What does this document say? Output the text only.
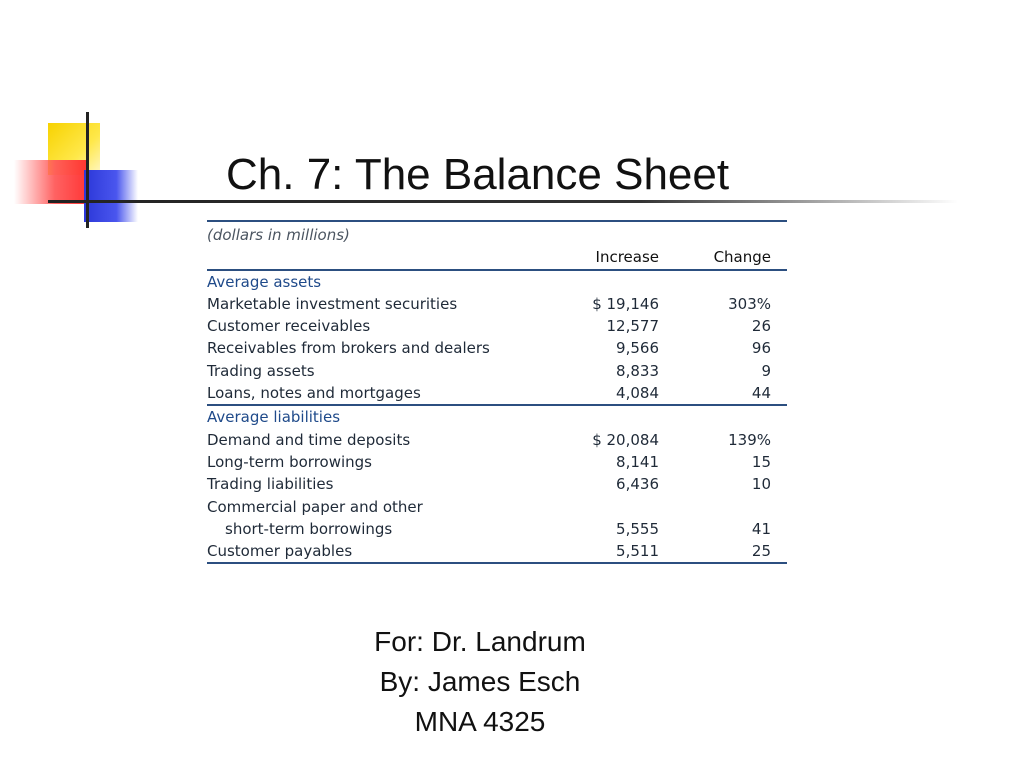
Ch. 7: The Balance Sheet
(dollars in millions)
Increase	Change
Average assets
Marketable investment securities	$ 19,146	303%
Customer receivables	12,577	26
Receivables from brokers and dealers	9,566	96
Trading assets	8,833	9
Loans, notes and mortgages	4,084	44
Average liabilities
Demand and time deposits	$ 20,084	139%
Long-term borrowings	8,141	15
Trading liabilities	6,436	10
Commercial paper and other
short-term borrowings	5,555	41
Customer payables	5,511	25
For: Dr. Landrum
By: James Esch
MNA 4325
